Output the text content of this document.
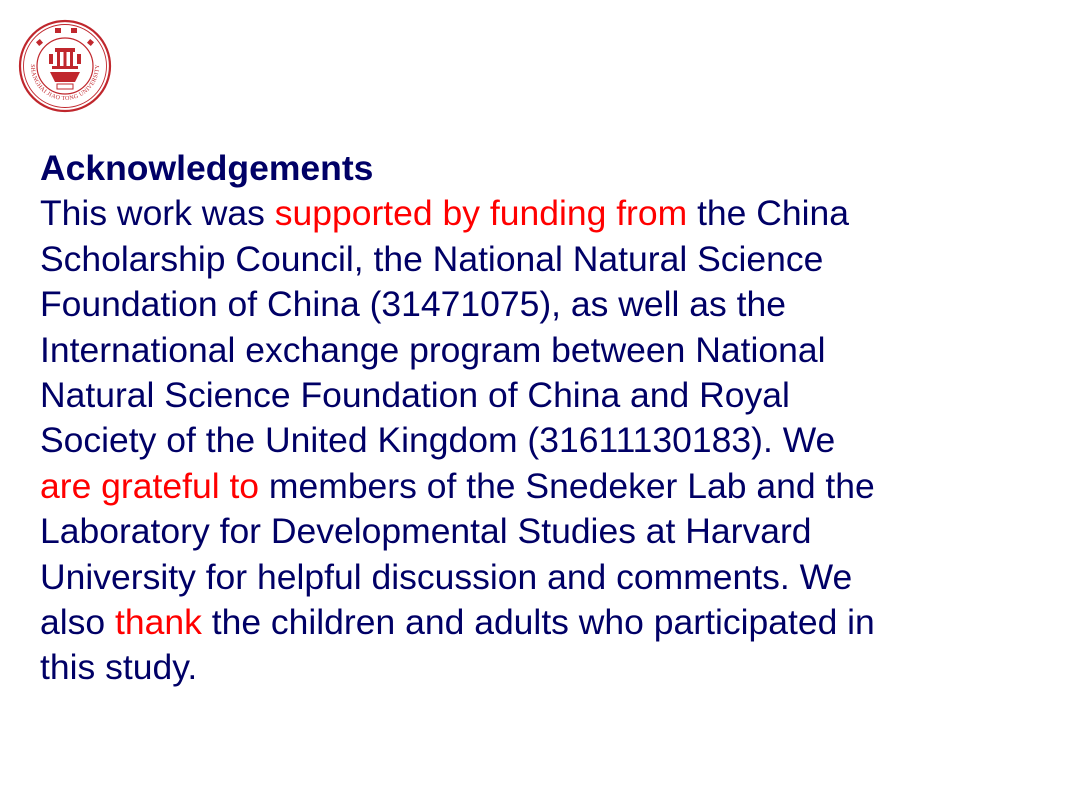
SHANGHAI JIAO TONG UNIVERSITY
Acknowledgements
This work was supported by funding from the China
Scholarship Council, the National Natural Science
Foundation of China (31471075), as well as the
International exchange program between National
Natural Science Foundation of China and Royal
Society of the United Kingdom (31611130183). We
are grateful to members of the Snedeker Lab and the
Laboratory for Developmental Studies at Harvard
University for helpful discussion and comments. We
also thank the children and adults who participated in
this study.
